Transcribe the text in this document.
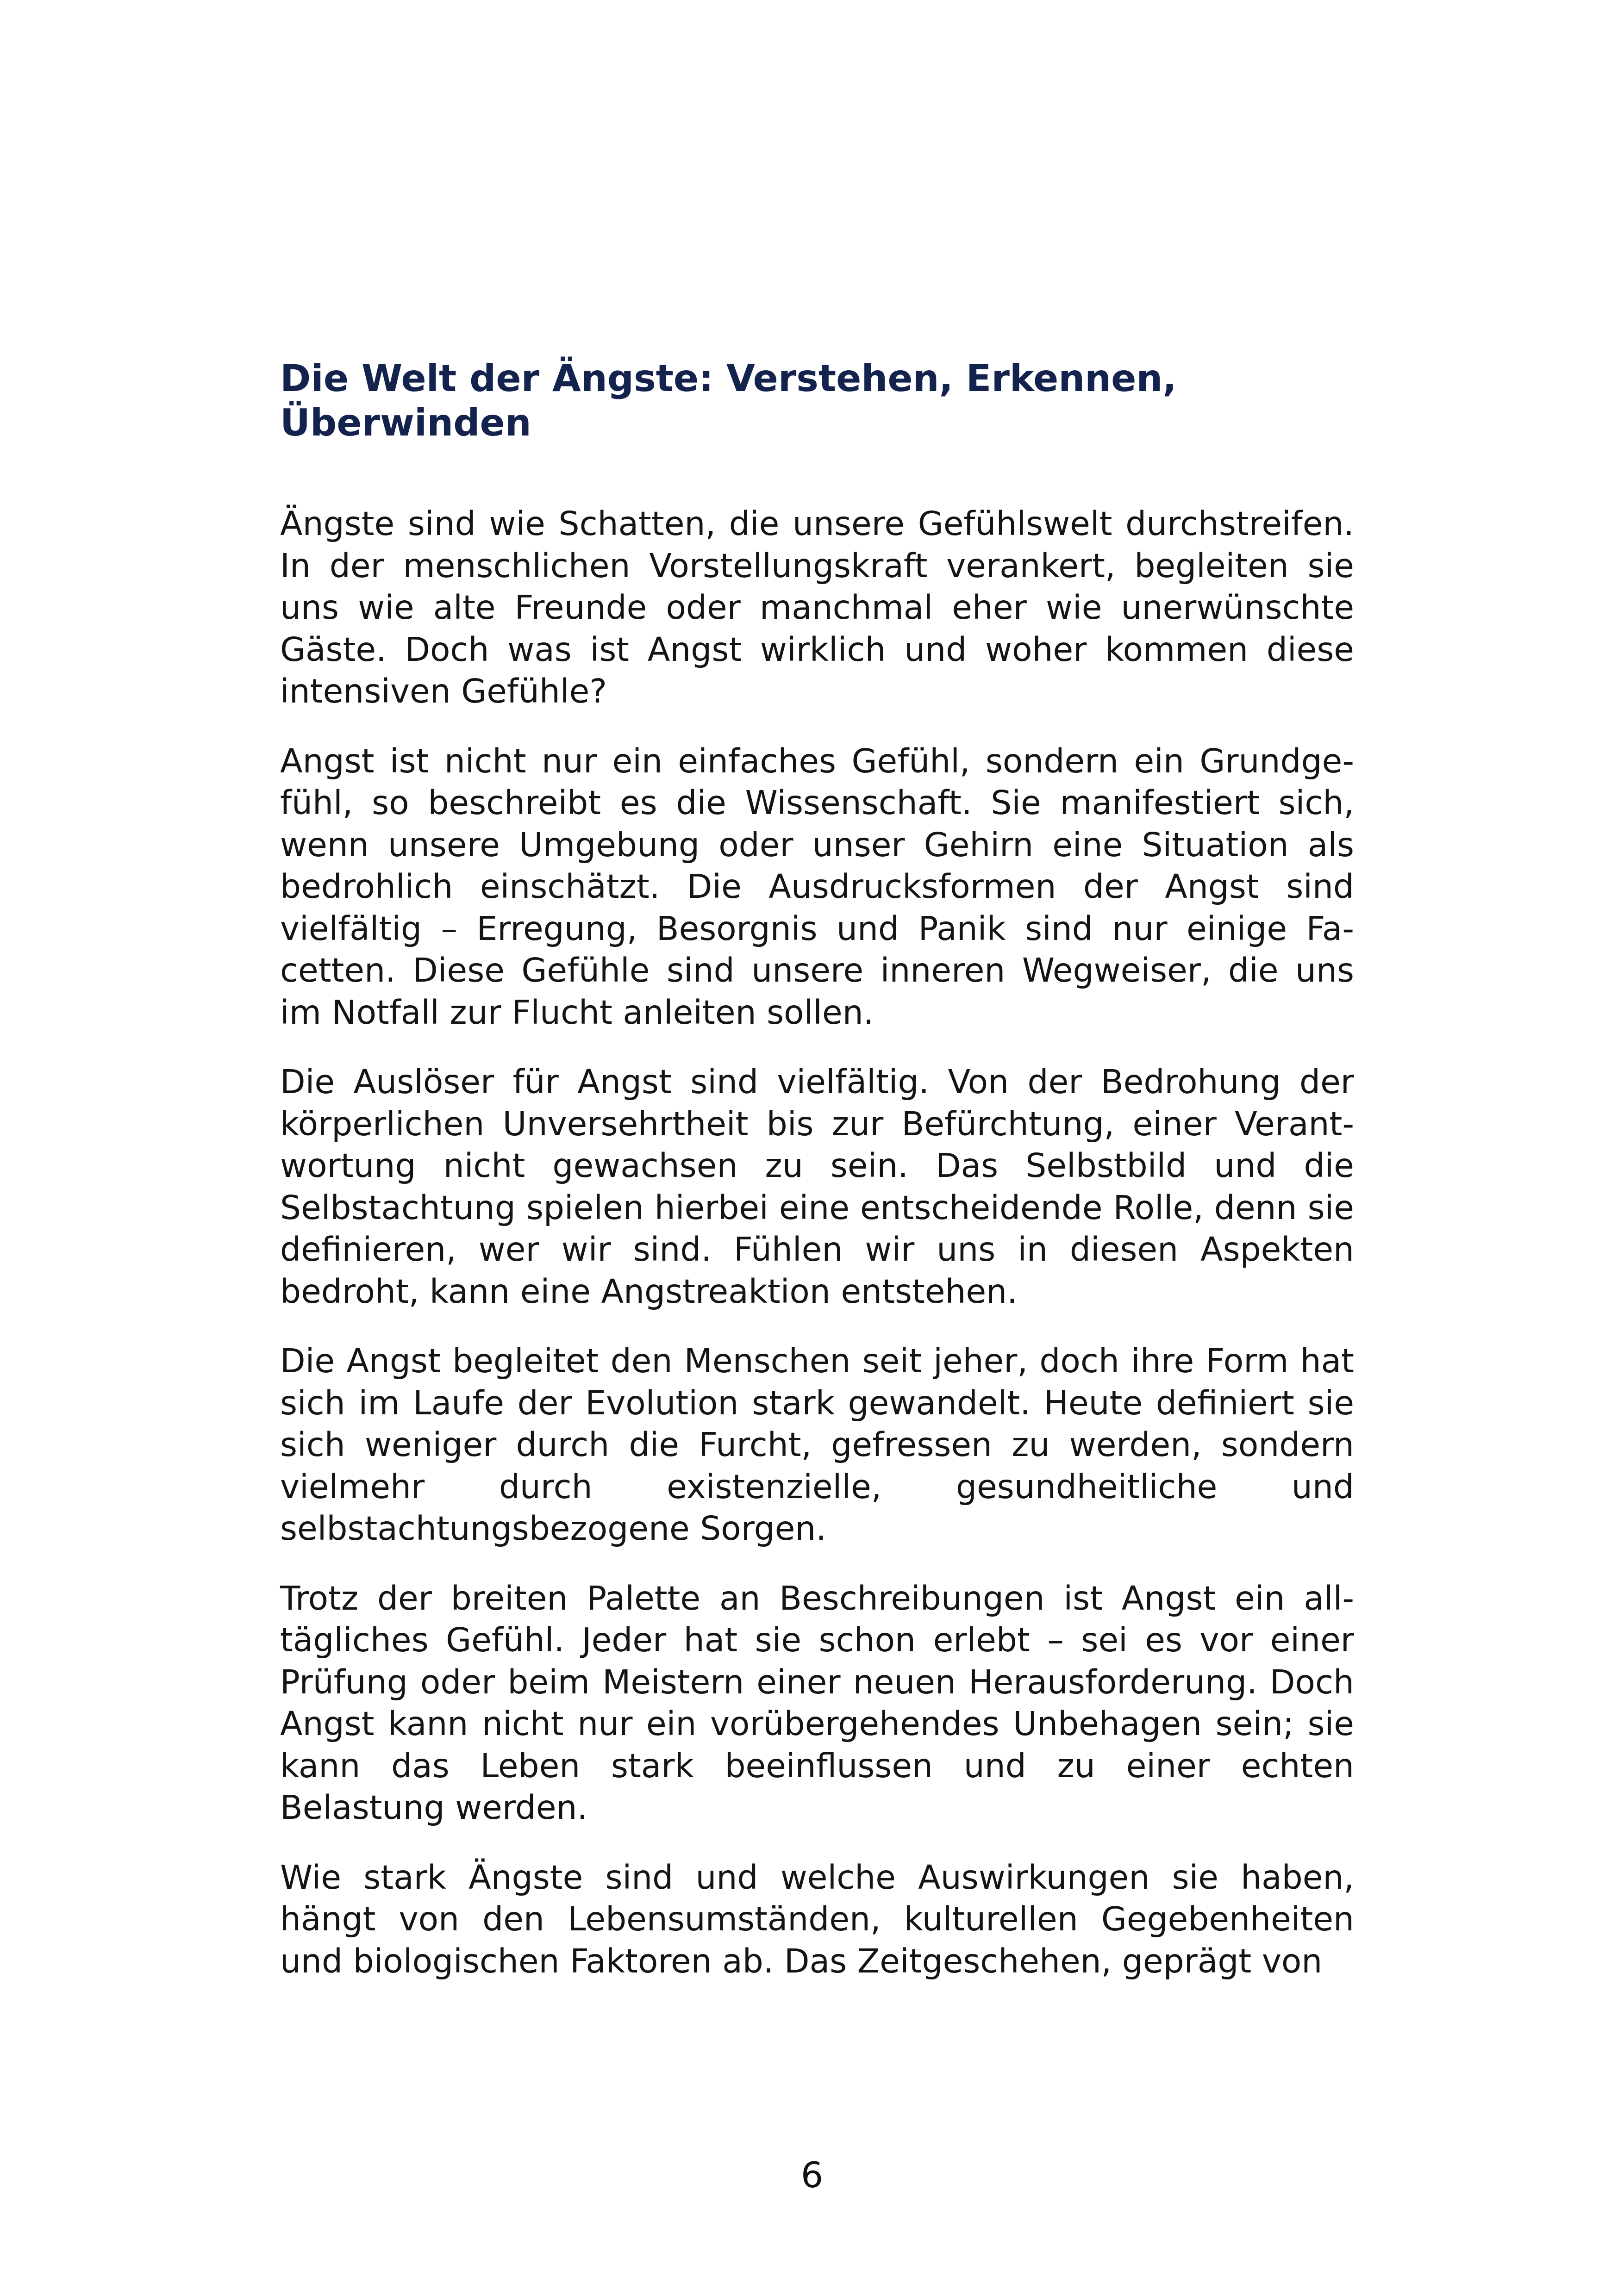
Die Welt der Ängste: Verstehen, Erkennen, Überwinden

Ängste sind wie Schatten, die unsere Gefühlswelt durchstreifen. In der menschlichen Vorstellungskraft verankert, begleiten sie uns wie alte Freunde oder manchmal eher wie unerwünschte Gäste. Doch was ist Angst wirklich und woher kommen diese intensiven Gefühle?

Angst ist nicht nur ein einfaches Gefühl, sondern ein Grundgefühl, so beschreibt es die Wissenschaft. Sie manifestiert sich, wenn unsere Umgebung oder unser Gehirn eine Situation als bedrohlich einschätzt. Die Ausdrucksformen der Angst sind vielfältig – Erregung, Besorgnis und Panik sind nur einige Facetten. Diese Gefühle sind unsere inneren Wegweiser, die uns im Notfall zur Flucht anleiten sollen.

Die Auslöser für Angst sind vielfältig. Von der Bedrohung der körperlichen Unversehrtheit bis zur Befürchtung, einer Verantwortung nicht gewachsen zu sein. Das Selbstbild und die Selbstachtung spielen hierbei eine entscheidende Rolle, denn sie definieren, wer wir sind. Fühlen wir uns in diesen Aspekten bedroht, kann eine Angstreaktion entstehen.

Die Angst begleitet den Menschen seit jeher, doch ihre Form hat sich im Laufe der Evolution stark gewandelt. Heute definiert sie sich weniger durch die Furcht, gefressen zu werden, sondern vielmehr durch existenzielle, gesundheitliche und selbstachtungsbezogene Sorgen.

Trotz der breiten Palette an Beschreibungen ist Angst ein alltägliches Gefühl. Jeder hat sie schon erlebt – sei es vor einer Prüfung oder beim Meistern einer neuen Herausforderung. Doch Angst kann nicht nur ein vorübergehendes Unbehagen sein; sie kann das Leben stark beeinflussen und zu einer echten Belastung werden.

Wie stark Ängste sind und welche Auswirkungen sie haben, hängt von den Lebensumständen, kulturellen Gegebenheiten und biologischen Faktoren ab. Das Zeitgeschehen, geprägt von

6
